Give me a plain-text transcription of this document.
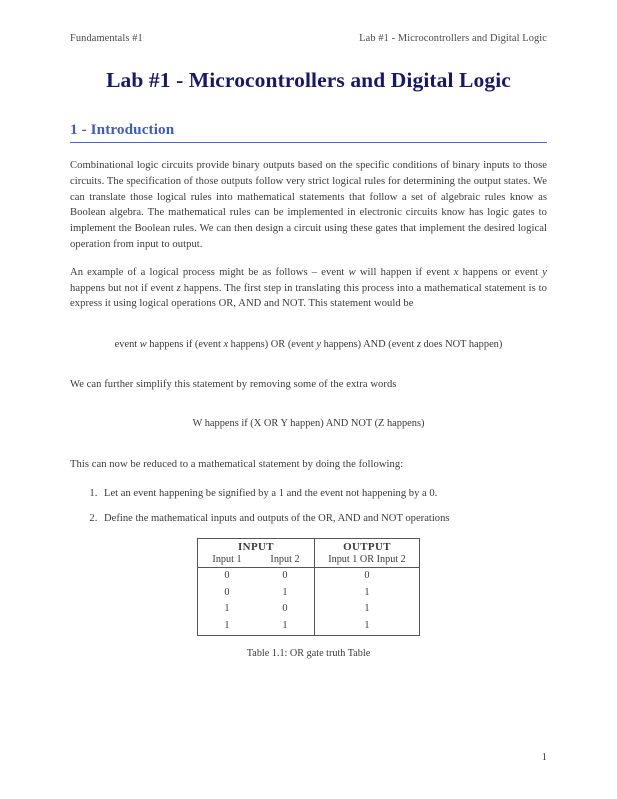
Fundamentals #1	Lab #1 - Microcontrollers and Digital Logic
Lab #1 - Microcontrollers and Digital Logic
1 - Introduction

Combinational logic circuits provide binary outputs based on the specific conditions of binary inputs to those circuits. The specification of those outputs follow very strict logical rules for determining the output states. We can translate those logical rules into mathematical statements that follow a set of algebraic rules know as Boolean algebra. The mathematical rules can be implemented in electronic circuits know has logic gates to implement the Boolean rules. We can then design a circuit using these gates that implement the desired logical operation from input to output.

An example of a logical process might be as follows – event w will happen if event x happens or event y happens but not if event z happens. The first step in translating this process into a mathematical statement is to express it using logical operations OR, AND and NOT. This statement would be

event w happens if (event x happens) OR (event y happens) AND (event z does NOT happen)

We can further simplify this statement by removing some of the extra words

W happens if (X OR Y happen) AND NOT (Z happens)

This can now be reduced to a mathematical statement by doing the following:

1. Let an event happening be signified by a 1 and the event not happening by a 0.
2. Define the mathematical inputs and outputs of the OR, AND and NOT operations
INPUT		OUTPUT
Input 1	Input 2	Input 1 OR Input 2
0	0	0
0	1	1
1	0	1
1	1	1
Table 1.1: OR gate truth Table
1
